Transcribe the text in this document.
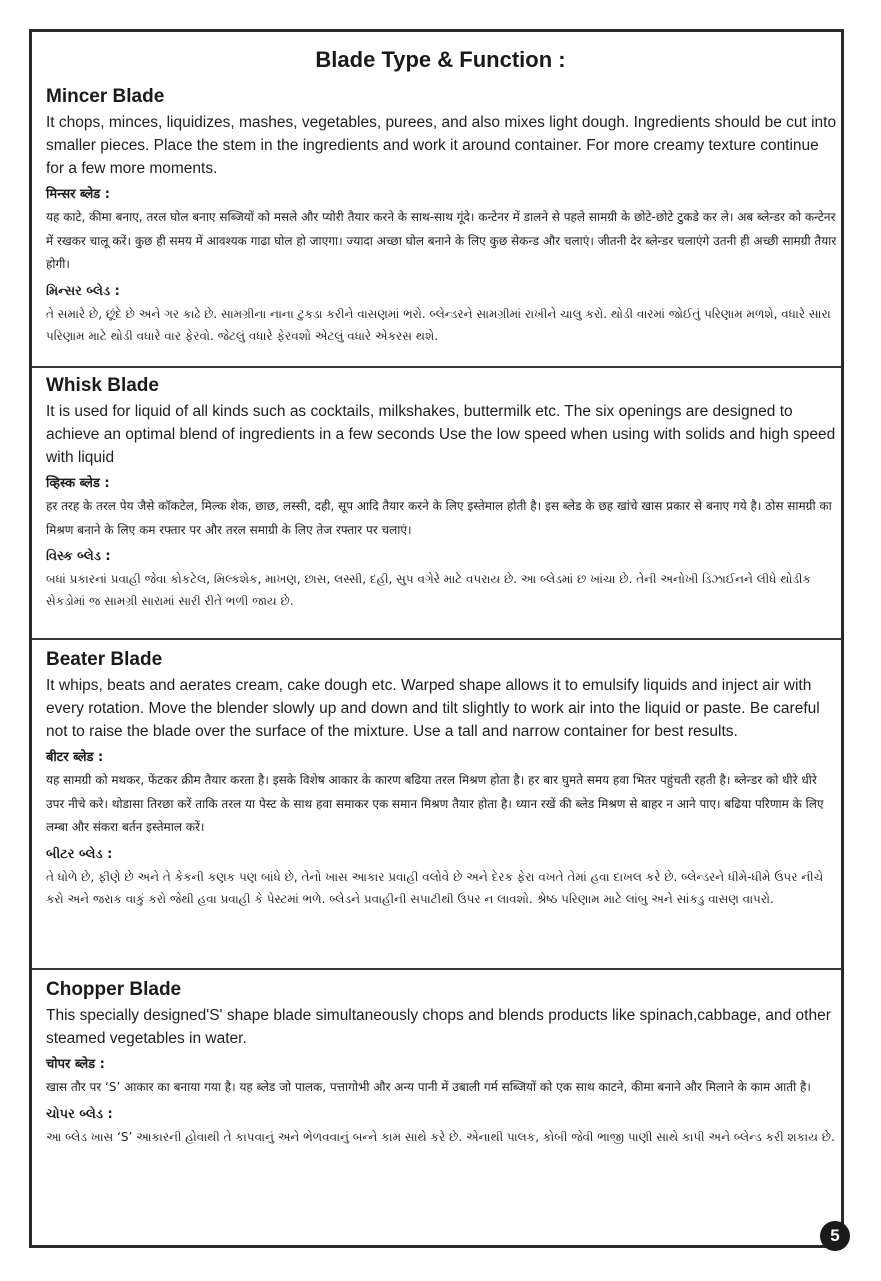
Blade Type & Function :
Mincer Blade

It chops, minces, liquidizes, mashes, vegetables, purees, and also mixes light dough. Ingredients should be cut into smaller pieces. Place the stem in the ingredients and work it around container. For more creamy texture continue for a few more moments.

मिन्सर ब्लेड :

यह काटे, कीमा बनाए, तरल घोल बनाए सब्जियों को मसले और प्योरी तैयार करने के साथ-साथ गूंदे। कन्टेनर में डालने से पहले सामग्री के छोटे-छोटे टुकडे कर ले। अब ब्लेन्डर को कन्टेनर में रखकर चालू करें। कुछ ही समय में आवश्यक गाढा घोल हो जाएगा। ज्यादा अच्छा घोल बनाने के लिए कुछ सेकन्ड और चलाएं। जीतनी देर ब्लेन्डर चलाएंगे उतनी ही अच्छी सामग्री तैयार होगी।

મિન્સર બ્લેડ :

તે સમારે છે, છૂંદે છે અને ગર કાઢે છે. સામગ્રીના નાના ટુકડા કરીને વાસણમાં ભરો. બ્લેન્ડરને સામગ્રીમાં રાખીને ચાલુ કરો. થોડી વારમાં જોઈતું પરિણામ મળશે, વધારે સારા પરિણામ માટે થોડી વધારે વાર ફેરવો. જેટલું વધારે ફેરવશો એટલું વધારે એકરસ થશે.

Whisk Blade

It is used for liquid of all kinds such as cocktails, milkshakes, buttermilk etc. The six openings are designed to achieve an optimal blend of ingredients in a few seconds Use the low speed when using with solids and high speed with liquid

व्हिस्क ब्लेड :

हर तरह के तरल पेय जैसे कॉकटेल, मिल्क शेक, छाछ, लस्सी, दही, सूप आदि तैयार करने के लिए इस्तेमाल होती है। इस ब्लेड के छह खांचे खास प्रकार से बनाए गये है। ठोस सामग्री का मिश्रण बनाने के लिए कम रफ्तार पर और तरल समाग्री के लिए तेज रफ्तार पर चलाएं।

વિસ્ક બ્લેડ :

બધાં પ્રકારનાં પ્રવાહી જેવા કોકટેલ, મિલ્કશેક, માખણ, છાસ, લસ્સી, દહી, સુપ વગેરે માટે વપરાય છે. આ બ્લેડમાં છ ખાંચા છે. તેની અનોખી ડિઝાઈનને લીધે થોડીક સેકડોમાં જ સામગ્રી સારામાં સારી રીતે ભળી જાય છે.

Beater Blade

It whips, beats and aerates cream, cake dough etc. Warped shape allows it to emulsify liquids and inject air with every rotation. Move the blender slowly up and down and tilt slightly to work air into the liquid or paste. Be careful not to raise the blade over the surface of the mixture. Use a tall and narrow container for best results.

बीटर ब्लेड :

यह सामग्री को मथकर, फेंटकर क्रीम तैयार करता है। इसके विशेष आकार के कारण बढिया तरल मिश्रण होता है। हर बार घुमते समय हवा भितर पहुंचती रहती है। ब्लेन्डर को धीरे धीरे उपर नीचे करे। थोडासा तिरछा करें ताकि तरल या पेस्ट के साथ हवा समाकर एक समान मिश्रण तैयार होता है। ध्यान रखें की ब्लेड मिश्रण से बाहर न आने पाए। बढिया परिणाम के लिए लम्बा और संकरा बर्तन इस्तेमाल करें।

બીટર બ્લેડ :

તે ધોળે છે, ફીણે છે અને તે કેકની કણક પણ બાંધે છે, તેનો ખાસ આકાર પ્રવાહી વલોવે છે અને દેરક ફેરા વખતે તેમાં હવા દાખલ કરે છે. બ્લેન્ડરને ધીમે-ધીમે ઉપર નીચે કરો અને જરાક વાકું કરો જેથી હવા પ્રવાહી કે પેસ્ટમાં ભળે. બ્લેડને પ્રવાહીની સપાટીથી ઉપર ન લાવશો. શ્રેષ્ઠ પરિણામ માટે લાંબુ અને સાંકડુ વાસણ વાપરો.

Chopper Blade

This specially designed'S' shape blade simultaneously chops and blends products like spinach,cabbage, and other steamed vegetables in water.

चोपर ब्लेड :

खास तौर पर ‘S’ आकार का बनाया गया है। यह ब्लेड जो पालक, पत्तागोभी और अन्य पानी में उबाली गर्म सब्जियों को एक साथ काटने, कीमा बनाने और मिलाने के काम आती है।

ચોપર બ્લેડ :

આ બ્લેડ ખાસ ‘S’ આકારની હોવાથી તે કાપવાનું અને ભેળવવાનું બન્ને કામ સાથે કરે છે. એનાથી પાલક, કોબી જેવી ભાજી પાણી સાથે કાપી અને બ્લેન્ડ કરી શકાય છે.

5
